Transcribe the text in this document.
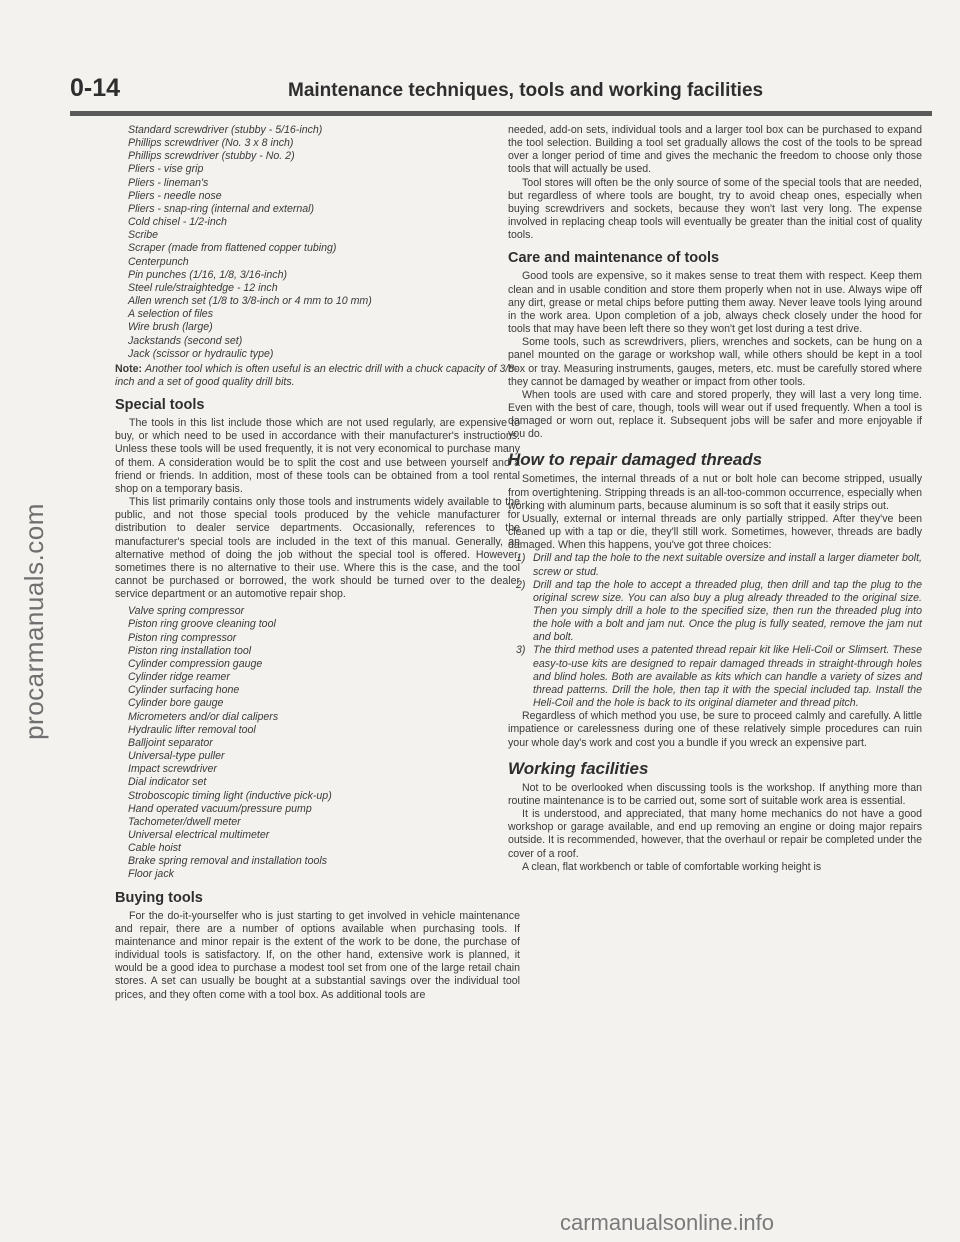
procarmanuals.com
0-14	Maintenance techniques, tools and working facilities
Standard screwdriver (stubby - 5/16-inch)
Phillips screwdriver (No. 3 x 8 inch)
Phillips screwdriver (stubby - No. 2)
Pliers - vise grip
Pliers - lineman's
Pliers - needle nose
Pliers - snap-ring (internal and external)
Cold chisel - 1/2-inch
Scribe
Scraper (made from flattened copper tubing)
Centerpunch
Pin punches (1/16, 1/8, 3/16-inch)
Steel rule/straightedge - 12 inch
Allen wrench set (1/8 to 3/8-inch or 4 mm to 10 mm)
A selection of files
Wire brush (large)
Jackstands (second set)
Jack (scissor or hydraulic type)
Note: Another tool which is often useful is an electric drill with a chuck capacity of 3/8-inch and a set of good quality drill bits.
Special tools

The tools in this list include those which are not used regularly, are expensive to buy, or which need to be used in accordance with their manufacturer's instructions. Unless these tools will be used frequently, it is not very economical to purchase many of them. A consideration would be to split the cost and use between yourself and a friend or friends. In addition, most of these tools can be obtained from a tool rental shop on a temporary basis.

This list primarily contains only those tools and instruments widely available to the public, and not those special tools produced by the vehicle manufacturer for distribution to dealer service departments. Occasionally, references to the manufacturer's special tools are included in the text of this manual. Generally, an alternative method of doing the job without the special tool is offered. However, sometimes there is no alternative to their use. Where this is the case, and the tool cannot be purchased or borrowed, the work should be turned over to the dealer service department or an automotive repair shop.

Valve spring compressor
Piston ring groove cleaning tool
Piston ring compressor
Piston ring installation tool
Cylinder compression gauge
Cylinder ridge reamer
Cylinder surfacing hone
Cylinder bore gauge
Micrometers and/or dial calipers
Hydraulic lifter removal tool
Balljoint separator
Universal-type puller
Impact screwdriver
Dial indicator set
Stroboscopic timing light (inductive pick-up)
Hand operated vacuum/pressure pump
Tachometer/dwell meter
Universal electrical multimeter
Cable hoist
Brake spring removal and installation tools
Floor jack
Buying tools

For the do-it-yourselfer who is just starting to get involved in vehicle maintenance and repair, there are a number of options available when purchasing tools. If maintenance and minor repair is the extent of the work to be done, the purchase of individual tools is satisfactory. If, on the other hand, extensive work is planned, it would be a good idea to purchase a modest tool set from one of the large retail chain stores. A set can usually be bought at a substantial savings over the individual tool prices, and they often come with a tool box. As additional tools are

needed, add-on sets, individual tools and a larger tool box can be purchased to expand the tool selection. Building a tool set gradually allows the cost of the tools to be spread over a longer period of time and gives the mechanic the freedom to choose only those tools that will actually be used.

Tool stores will often be the only source of some of the special tools that are needed, but regardless of where tools are bought, try to avoid cheap ones, especially when buying screwdrivers and sockets, because they won't last very long. The expense involved in replacing cheap tools will eventually be greater than the initial cost of quality tools.

Care and maintenance of tools

Good tools are expensive, so it makes sense to treat them with respect. Keep them clean and in usable condition and store them properly when not in use. Always wipe off any dirt, grease or metal chips before putting them away. Never leave tools lying around in the work area. Upon completion of a job, always check closely under the hood for tools that may have been left there so they won't get lost during a test drive.

Some tools, such as screwdrivers, pliers, wrenches and sockets, can be hung on a panel mounted on the garage or workshop wall, while others should be kept in a tool box or tray. Measuring instruments, gauges, meters, etc. must be carefully stored where they cannot be damaged by weather or impact from other tools.

When tools are used with care and stored properly, they will last a very long time. Even with the best of care, though, tools will wear out if used frequently. When a tool is damaged or worn out, replace it. Subsequent jobs will be safer and more enjoyable if you do.

How to repair damaged threads

Sometimes, the internal threads of a nut or bolt hole can become stripped, usually from overtightening. Stripping threads is an all-too-common occurrence, especially when working with aluminum parts, because aluminum is so soft that it easily strips out.

Usually, external or internal threads are only partially stripped. After they've been cleaned up with a tap or die, they'll still work. Sometimes, however, threads are badly damaged. When this happens, you've got three choices:

1) Drill and tap the hole to the next suitable oversize and install a larger diameter bolt, screw or stud.
2) Drill and tap the hole to accept a threaded plug, then drill and tap the plug to the original screw size. You can also buy a plug already threaded to the original size. Then you simply drill a hole to the specified size, then run the threaded plug into the hole with a bolt and jam nut. Once the plug is fully seated, remove the jam nut and bolt.
3) The third method uses a patented thread repair kit like Heli-Coil or Slimsert. These easy-to-use kits are designed to repair damaged threads in straight-through holes and blind holes. Both are available as kits which can handle a variety of sizes and thread patterns. Drill the hole, then tap it with the special included tap. Install the Heli-Coil and the hole is back to its original diameter and thread pitch.

Regardless of which method you use, be sure to proceed calmly and carefully. A little impatience or carelessness during one of these relatively simple procedures can ruin your whole day's work and cost you a bundle if you wreck an expensive part.

Working facilities

Not to be overlooked when discussing tools is the workshop. If anything more than routine maintenance is to be carried out, some sort of suitable work area is essential.

It is understood, and appreciated, that many home mechanics do not have a good workshop or garage available, and end up removing an engine or doing major repairs outside. It is recommended, however, that the overhaul or repair be completed under the cover of a roof.

A clean, flat workbench or table of comfortable working height is

carmanualsonline.info
